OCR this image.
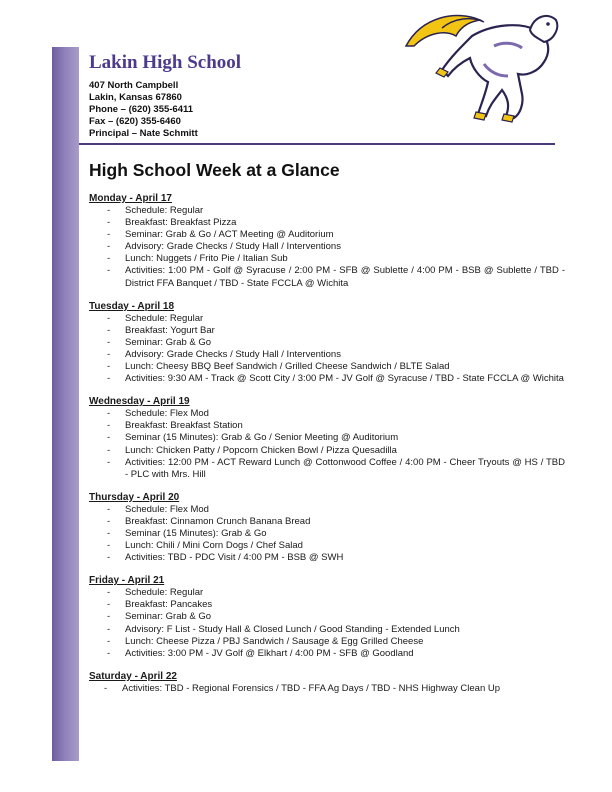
Lakin High School
407 North Campbell
Lakin, Kansas 67860
Phone – (620) 355-6411
Fax – (620) 355-6460
Principal – Nate Schmitt
High School Week at a Glance
Monday - April 17
- Schedule: Regular
- Breakfast: Breakfast Pizza
- Seminar: Grab & Go / ACT Meeting @ Auditorium
- Advisory: Grade Checks / Study Hall / Interventions
- Lunch: Nuggets / Frito Pie / Italian Sub
- Activities: 1:00 PM - Golf @ Syracuse / 2:00 PM - SFB @ Sublette / 4:00 PM - BSB @ Sublette / TBD - District FFA Banquet / TBD - State FCCLA @ Wichita
Tuesday - April 18
- Schedule: Regular
- Breakfast: Yogurt Bar
- Seminar: Grab & Go
- Advisory: Grade Checks / Study Hall / Interventions
- Lunch: Cheesy BBQ Beef Sandwich / Grilled Cheese Sandwich / BLTE Salad
- Activities: 9:30 AM - Track @ Scott City / 3:00 PM - JV Golf @ Syracuse / TBD - State FCCLA @ Wichita
Wednesday - April 19
- Schedule: Flex Mod
- Breakfast: Breakfast Station
- Seminar (15 Minutes): Grab & Go / Senior Meeting @ Auditorium
- Lunch: Chicken Patty / Popcorn Chicken Bowl / Pizza Quesadilla
- Activities: 12:00 PM - ACT Reward Lunch @ Cottonwood Coffee / 4:00 PM - Cheer Tryouts @ HS / TBD - PLC with Mrs. Hill
Thursday - April 20
- Schedule: Flex Mod
- Breakfast: Cinnamon Crunch Banana Bread
- Seminar (15 Minutes): Grab & Go
- Lunch: Chili / Mini Corn Dogs / Chef Salad
- Activities: TBD - PDC Visit / 4:00 PM - BSB @ SWH
Friday - April 21
- Schedule: Regular
- Breakfast: Pancakes
- Seminar: Grab & Go
- Advisory: F List - Study Hall & Closed Lunch / Good Standing - Extended Lunch
- Lunch: Cheese Pizza / PBJ Sandwich / Sausage & Egg Grilled Cheese
- Activities: 3:00 PM - JV Golf @ Elkhart / 4:00 PM - SFB @ Goodland
Saturday - April 22
- Activities: TBD - Regional Forensics / TBD - FFA Ag Days / TBD - NHS Highway Clean Up
